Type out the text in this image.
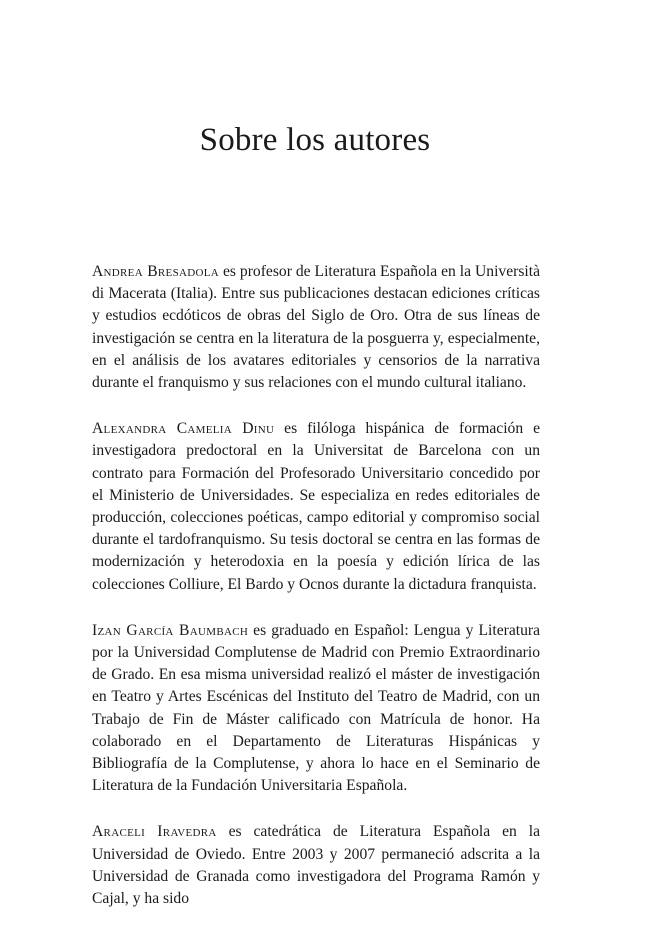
Sobre los autores

Andrea Bresadola es profesor de Literatura Española en la Università di Macerata (Italia). Entre sus publicaciones destacan ediciones críticas y estudios ecdóticos de obras del Siglo de Oro. Otra de sus líneas de investigación se centra en la literatura de la posguerra y, especialmente, en el análisis de los avatares editoriales y censorios de la narrativa durante el franquismo y sus relaciones con el mundo cultural italiano.

Alexandra Camelia Dinu es filóloga hispánica de formación e investigadora predoctoral en la Universitat de Barcelona con un contrato para Formación del Profesorado Universitario concedido por el Ministerio de Universidades. Se especializa en redes editoriales de producción, colecciones poéticas, campo editorial y compromiso social durante el tardofranquismo. Su tesis doctoral se centra en las formas de modernización y heterodoxia en la poesía y edición lírica de las colecciones Colliure, El Bardo y Ocnos durante la dictadura franquista.

Izan García Baumbach es graduado en Español: Lengua y Literatura por la Universidad Complutense de Madrid con Premio Extraordinario de Grado. En esa misma universidad realizó el máster de investigación en Teatro y Artes Escénicas del Instituto del Teatro de Madrid, con un Trabajo de Fin de Máster calificado con Matrícula de honor. Ha colaborado en el Departamento de Literaturas Hispánicas y Bibliografía de la Complutense, y ahora lo hace en el Seminario de Literatura de la Fundación Universitaria Española.

Araceli Iravedra es catedrática de Literatura Española en la Universidad de Oviedo. Entre 2003 y 2007 permaneció adscrita a la Universidad de Granada como investigadora del Programa Ramón y Cajal, y ha sido
